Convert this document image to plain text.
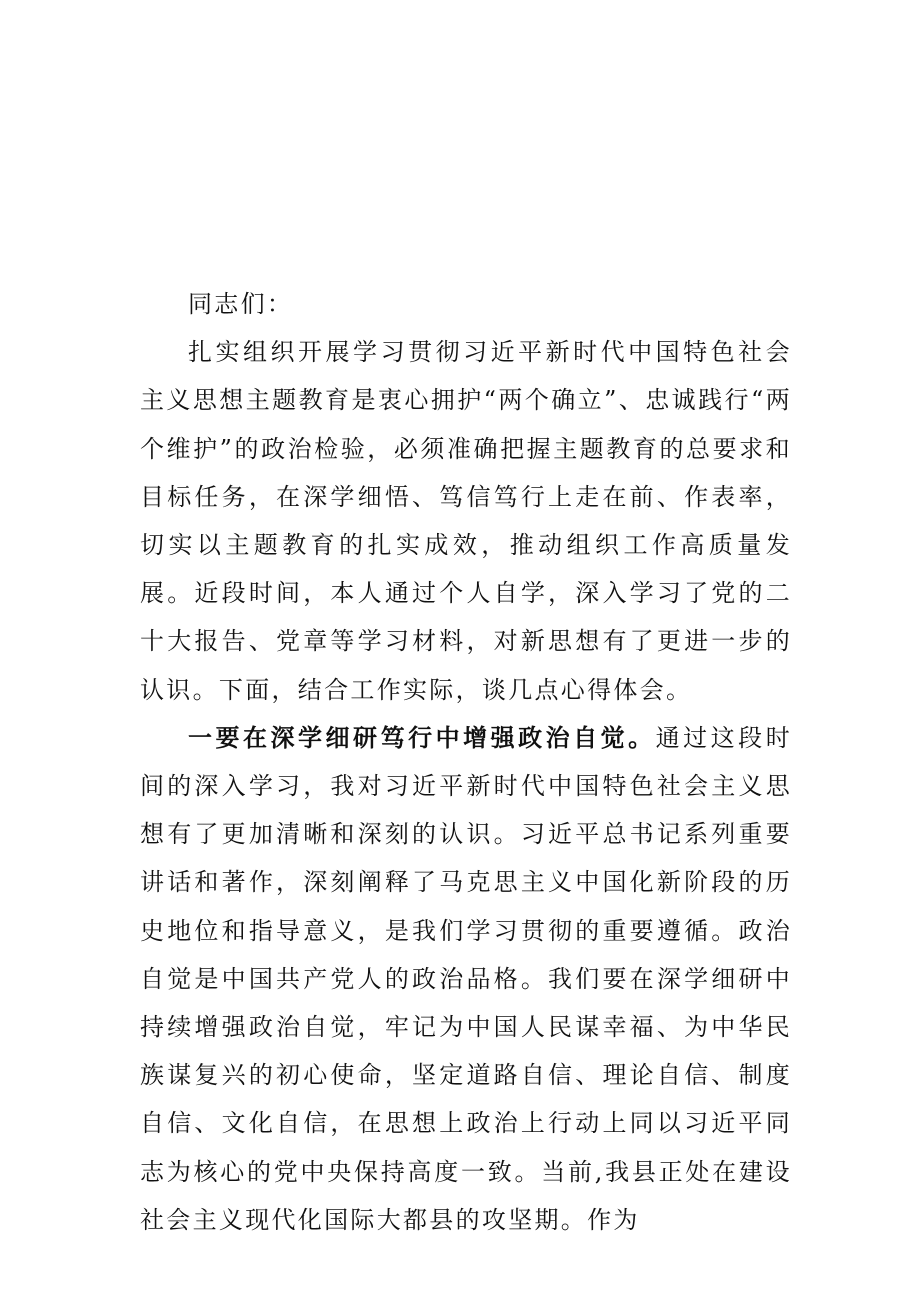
同志们：

扎实组织开展学习贯彻习近平新时代中国特色社会主义思想主题教育是衷心拥护“两个确立”、忠诚践行“两个维护”的政治检验，必须准确把握主题教育的总要求和目标任务，在深学细悟、笃信笃行上走在前、作表率，切实以主题教育的扎实成效，推动组织工作高质量发展。近段时间，本人通过个人自学，深入学习了党的二十大报告、党章等学习材料，对新思想有了更进一步的认识。下面，结合工作实际，谈几点心得体会。

一要在深学细研笃行中增强政治自觉。通过这段时间的深入学习，我对习近平新时代中国特色社会主义思想有了更加清晰和深刻的认识。习近平总书记系列重要讲话和著作，深刻阐释了马克思主义中国化新阶段的历史地位和指导意义，是我们学习贯彻的重要遵循。政治自觉是中国共产党人的政治品格。我们要在深学细研中持续增强政治自觉，牢记为中国人民谋幸福、为中华民族谋复兴的初心使命，坚定道路自信、理论自信、制度自信、文化自信，在思想上政治上行动上同以习近平同志为核心的党中央保持高度一致。当前,我县正处在建设社会主义现代化国际大都县的攻坚期。作为
